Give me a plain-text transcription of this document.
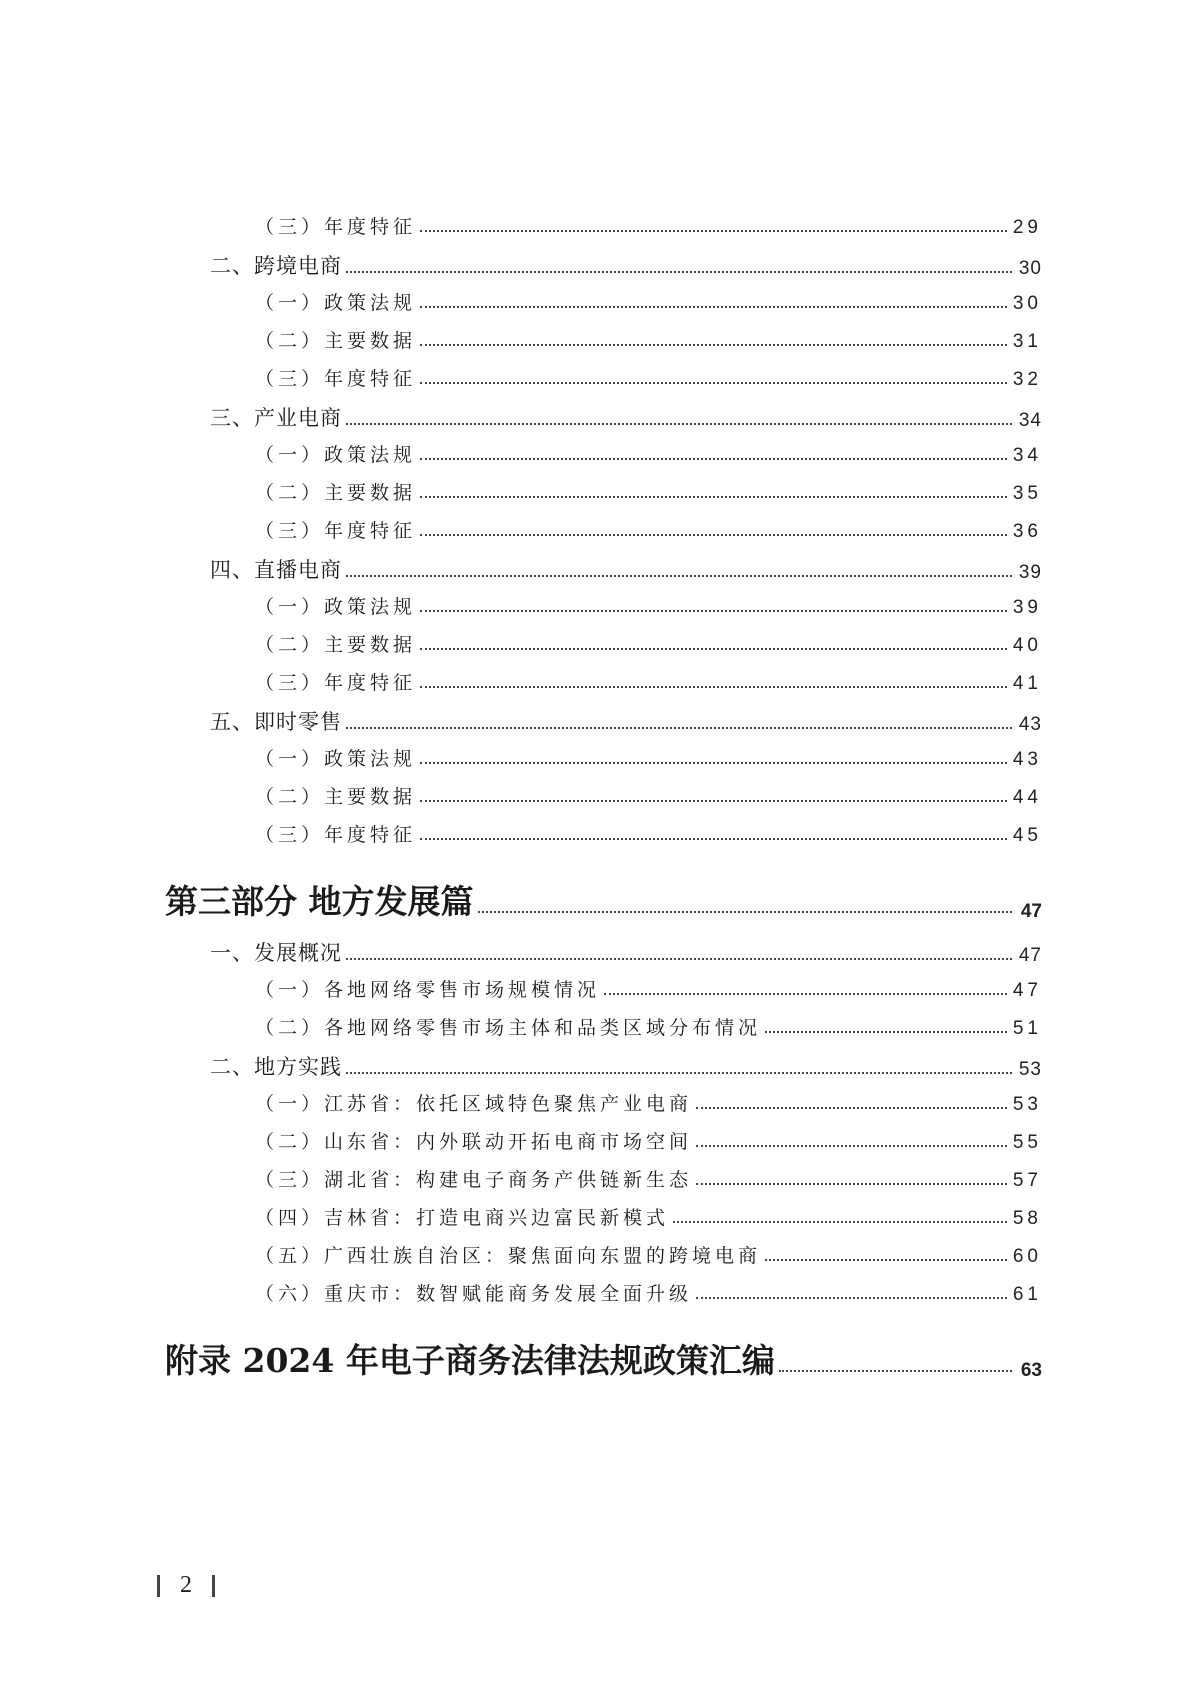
（三）年度特征	29
二、跨境电商	30
（一）政策法规	30
（二）主要数据	31
（三）年度特征	32
三、产业电商	34
（一）政策法规	34
（二）主要数据	35
（三）年度特征	36
四、直播电商	39
（一）政策法规	39
（二）主要数据	40
（三）年度特征	41
五、即时零售	43
（一）政策法规	43
（二）主要数据	44
（三）年度特征	45
第三部分 地方发展篇	47
一、发展概况	47
（一）各地网络零售市场规模情况	47
（二）各地网络零售市场主体和品类区域分布情况	51
二、地方实践	53
（一）江苏省：依托区域特色聚焦产业电商	53
（二）山东省：内外联动开拓电商市场空间	55
（三）湖北省：构建电子商务产供链新生态	57
（四）吉林省：打造电商兴边富民新模式	58
（五）广西壮族自治区：聚焦面向东盟的跨境电商	60
（六）重庆市：数智赋能商务发展全面升级	61
附录 2024 年电子商务法律法规政策汇编	63
2
